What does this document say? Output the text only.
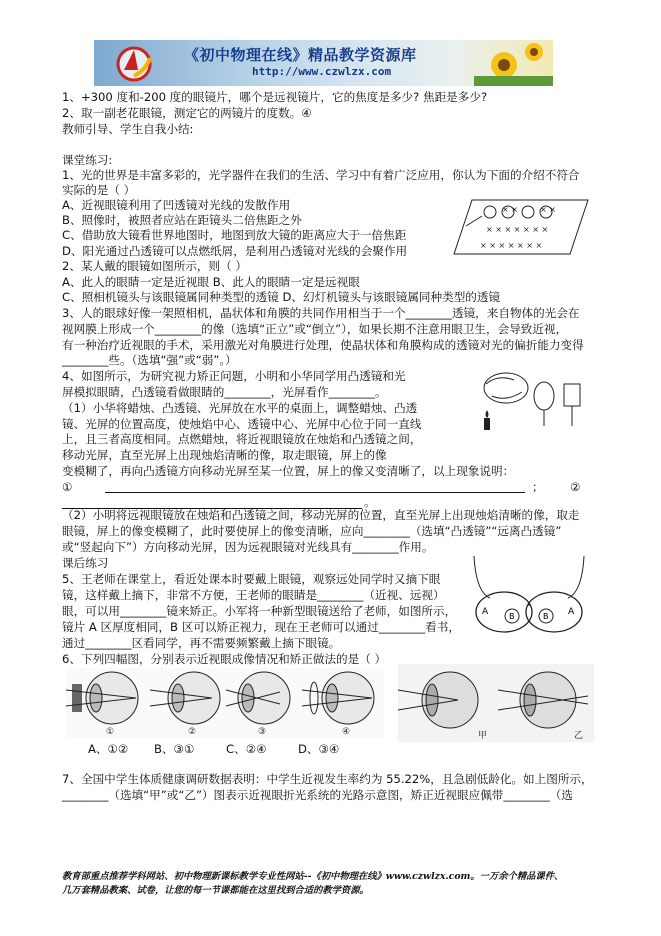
《初中物理在线》精品教学资源库
http://www.czwlzx.com
1、+300 度和-200 度的眼镜片，哪个是远视镜片，它的焦度是多少? 焦距是多少?
2、取一副老花眼镜，测定它的两镜片的度数。④
教师引导、学生自我小结:
课堂练习:
1、光的世界是丰富多彩的，光学器件在我们的生活、学习中有着广泛应用，你认为下面的介绍不符合
实际的是（ ）
A、近视眼镜利用了凹透镜对光线的发散作用
B、照像时，被照者应站在距镜头二倍焦距之外
C、借助放大镜看世界地图时，地图到放大镜的距离应大于一倍焦距
D、阳光通过凸透镜可以点燃纸屑，是利用凸透镜对光线的会聚作用
2、某人戴的眼镜如图所示，则（ ）
A、此人的眼睛一定是近视眼 B、此人的眼睛一定是远视眼
C、照相机镜头与该眼镜属同种类型的透镜 D、幻灯机镜头与该眼镜属同种类型的透镜
3、人的眼球好像一架照相机，晶状体和角膜的共同作用相当于一个________透镜，来自物体的光会在
视网膜上形成一个________的像（选填“正立”或“倒立”），如果长期不注意用眼卫生，会导致近视，
有一种治疗近视眼的手术，采用激光对角膜进行处理，使晶状体和角膜构成的透镜对光的偏折能力变得
________些。（选填“强”或“弱”。）
4、如图所示，为研究视力矫正问题，小明和小华同学用凸透镜和光
屏模拟眼睛，凸透镜看做眼睛的________，光屏看作________。
（1）小华将蜡烛、凸透镜、光屏放在水平的桌面上，调整蜡烛、凸透
镜、光屏的位置高度，使烛焰中心、透镜中心、光屏中心位于同一直线
上，且三者高度相同。点燃蜡烛，将近视眼镜放在烛焰和凸透镜之间，
移动光屏，直至光屏上出现烛焰清晰的像，取走眼镜，屏上的像
变模糊了，再向凸透镜方向移动光屏至某一位置，屏上的像又变清晰了，以上现象说明：
（2）小明将远视眼镜放在烛焰和凸透镜之间，移动光屏的位置，直至光屏上出现烛焰清晰的像，取走
眼镜，屏上的像变模糊了，此时要使屏上的像变清晰，应向________（选填“凸透镜”“远离凸透镜”
或“竖起向下”）方向移动光屏，因为远视眼镜对光线具有________作用。
课后练习
5、王老师在课堂上，看近处课本时要戴上眼镜，观察远处同学时又摘下眼
镜，这样戴上摘下，非常不方便，王老师的眼睛是________（近视、远视）
眼，可以用________镜来矫正。小军将一种新型眼镜送给了老师，如图所示，
镜片 A 区厚度相同，B 区可以矫正视力，现在王老师可以通过________看书，
通过________区看同学，再不需要频繁戴上摘下眼镜。
6、下列四幅图，分别表示近视眼成像情况和矫正做法的是（ ）
7、全国中学生体质健康调研数据表明：中学生近视发生率约为 55.22%，且急剧低龄化。如上图所示，
________（选填“甲”或“乙”）图表示近视眼折光系统的光路示意图，矫正近视眼应佩带________（选
①	； ②
。
× ×	× ×
× × × × × × ×
× × × × × × ×
A	B	B A
①	②	③	④	甲	乙
A、①② B、③①	C、②④	D、③④
教育部重点推荐学科网站、初中物理新课标教学专业性网站--《初中物理在线》www.czwlzx.com。一万余个精品课件、
几万套精品教案、试卷，让您的每一节课都能在这里找到合适的教学资源。
